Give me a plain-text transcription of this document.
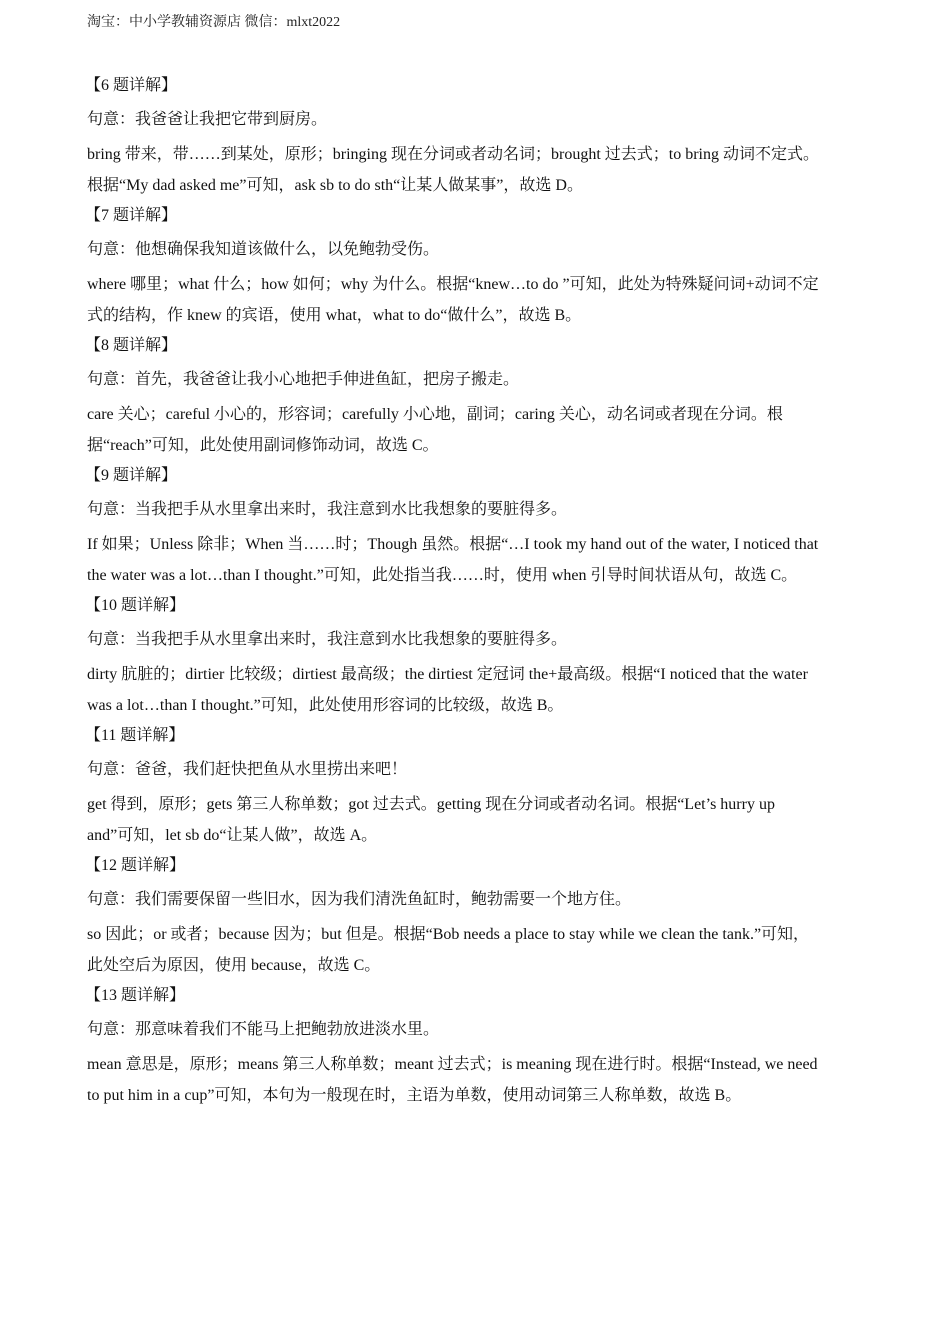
淘宝：中小学教辅资源店 微信：mlxt2022
【6 题详解】
句意：我爸爸让我把它带到厨房。
bring 带来，带……到某处，原形；bringing 现在分词或者动名词；brought 过去式；to bring 动词不定式。
根据“My dad asked me”可知，ask sb to do sth“让某人做某事”，故选 D。
【7 题详解】
句意：他想确保我知道该做什么，以免鲍勃受伤。
where 哪里；what 什么；how 如何；why 为什么。根据“knew…to do ”可知，此处为特殊疑问词+动词不定
式的结构，作 knew 的宾语，使用 what，what to do“做什么”，故选 B。
【8 题详解】
句意：首先，我爸爸让我小心地把手伸进鱼缸，把房子搬走。
care 关心；careful 小心的，形容词；carefully 小心地，副词；caring 关心，动名词或者现在分词。根
据“reach”可知，此处使用副词修饰动词，故选 C。
【9 题详解】
句意：当我把手从水里拿出来时，我注意到水比我想象的要脏得多。
If 如果；Unless 除非；When 当……时；Though 虽然。根据“…I took my hand out of the water, I noticed that
the water was a lot…than I thought.”可知，此处指当我……时，使用 when 引导时间状语从句，故选 C。
【10 题详解】
句意：当我把手从水里拿出来时，我注意到水比我想象的要脏得多。
dirty 肮脏的；dirtier 比较级；dirtiest 最高级；the dirtiest 定冠词 the+最高级。根据“I noticed that the water
was a lot…than I thought.”可知，此处使用形容词的比较级，故选 B。
【11 题详解】
句意：爸爸，我们赶快把鱼从水里捞出来吧！
get 得到，原形；gets 第三人称单数；got 过去式。getting 现在分词或者动名词。根据“Let’s hurry up
and”可知，let sb do“让某人做”，故选 A。
【12 题详解】
句意：我们需要保留一些旧水，因为我们清洗鱼缸时，鲍勃需要一个地方住。
so 因此；or 或者；because 因为；but 但是。根据“Bob needs a place to stay while we clean the tank.”可知，
此处空后为原因，使用 because，故选 C。
【13 题详解】
句意：那意味着我们不能马上把鲍勃放进淡水里。
mean 意思是，原形；means 第三人称单数；meant 过去式；is meaning 现在进行时。根据“Instead, we need
to put him in a cup”可知，本句为一般现在时，主语为单数，使用动词第三人称单数，故选 B。
